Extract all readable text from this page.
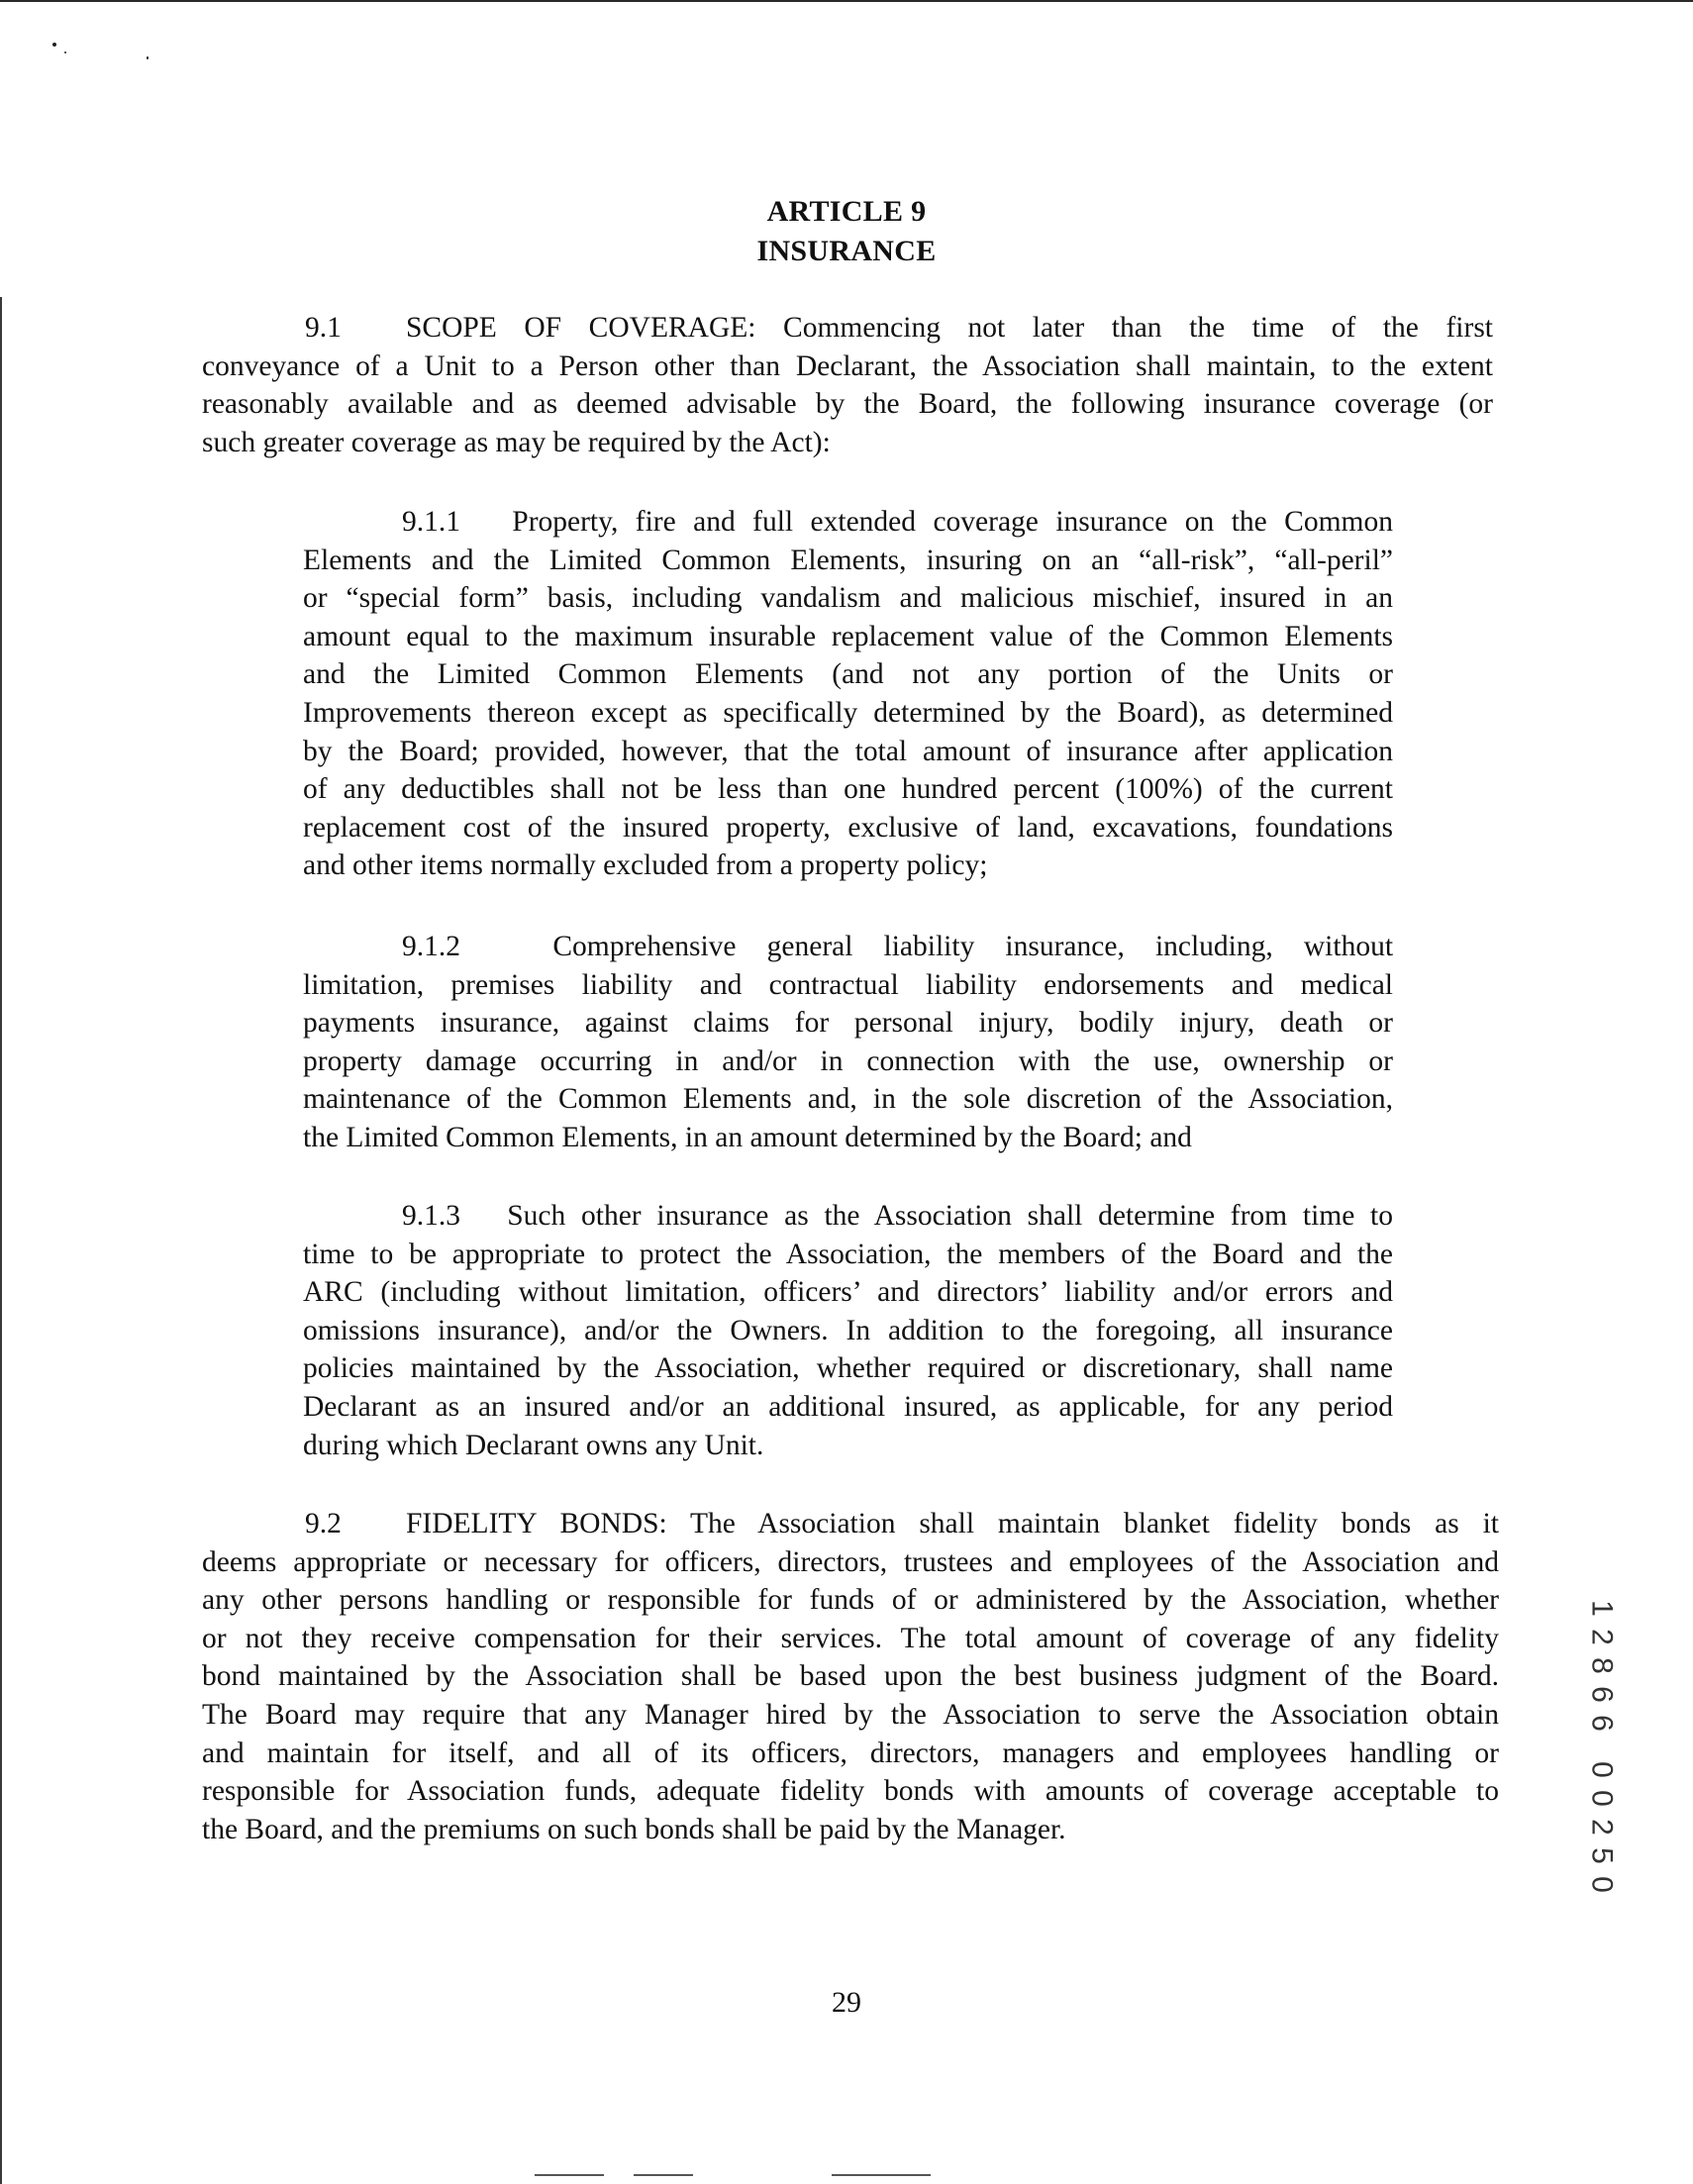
ARTICLE 9
INSURANCE
9.1 SCOPE OF COVERAGE: Commencing not later than the time of the first
conveyance of a Unit to a Person other than Declarant, the Association shall maintain, to the extent
reasonably available and as deemed advisable by the Board, the following insurance coverage (or
such greater coverage as may be required by the Act):
9.1.1 Property, fire and full extended coverage insurance on the Common
Elements and the Limited Common Elements, insuring on an “all-risk”, “all-peril”
or “special form” basis, including vandalism and malicious mischief, insured in an
amount equal to the maximum insurable replacement value of the Common Elements
and the Limited Common Elements (and not any portion of the Units or
Improvements thereon except as specifically determined by the Board), as determined
by the Board; provided, however, that the total amount of insurance after application
of any deductibles shall not be less than one hundred percent (100%) of the current
replacement cost of the insured property, exclusive of land, excavations, foundations
and other items normally excluded from a property policy;
9.1.2	Comprehensive general liability insurance, including, without
limitation, premises liability and contractual liability endorsements and medical
payments insurance, against claims for personal injury, bodily injury, death or
property damage occurring in and/or in connection with the use, ownership or
maintenance of the Common Elements and, in the sole discretion of the Association,
the Limited Common Elements, in an amount determined by the Board; and
9.1.3 Such other insurance as the Association shall determine from time to
time to be appropriate to protect the Association, the members of the Board and the
ARC (including without limitation, officers’ and directors’ liability and/or errors and
omissions insurance), and/or the Owners. In addition to the foregoing, all insurance
policies maintained by the Association, whether required or discretionary, shall name
Declarant as an insured and/or an additional insured, as applicable, for any period
during which Declarant owns any Unit.
9.2 FIDELITY BONDS: The Association shall maintain blanket fidelity bonds as it
deems appropriate or necessary for officers, directors, trustees and employees of the Association and
any other persons handling or responsible for funds of or administered by the Association, whether
or not they receive compensation for their services. The total amount of coverage of any fidelity
bond maintained by the Association shall be based upon the best business judgment of the Board.
The Board may require that any Manager hired by the Association to serve the Association obtain
and maintain for itself, and all of its officers, directors, managers and employees handling or
responsible for Association funds, adequate fidelity bonds with amounts of coverage acceptable to
the Board, and the premiums on such bonds shall be paid by the Manager.
1
2
8
6
6
0
0
2
5
0
29
